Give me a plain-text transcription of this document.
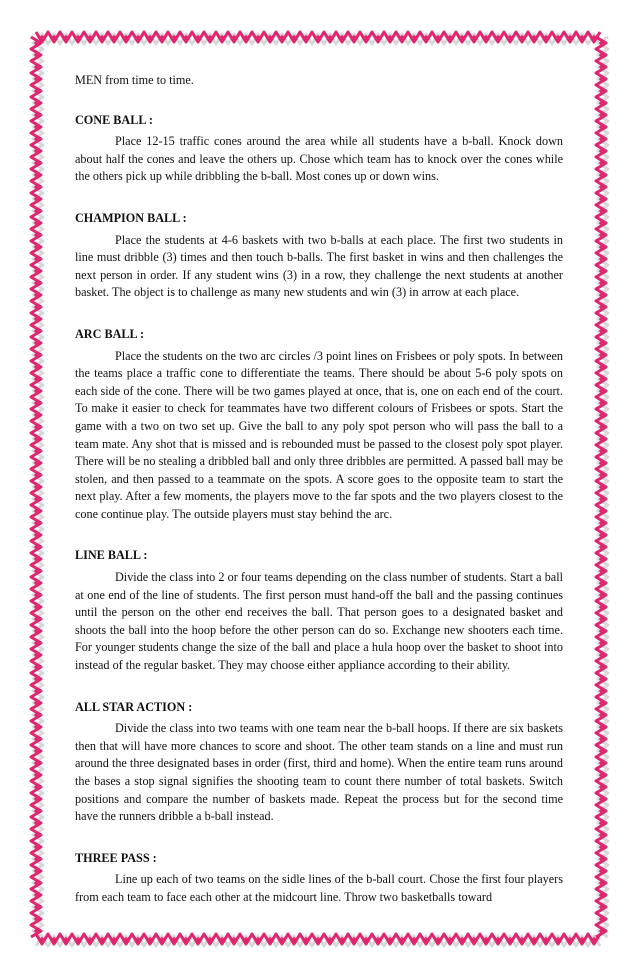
MEN from time to time.

CONE BALL :

Place 12-15 traffic cones around the area while all students have a b-ball. Knock down about half the cones and leave the others up. Chose which team has to knock over the cones while the others pick up while dribbling the b-ball. Most cones up or down wins.

CHAMPION BALL :

Place the students at 4-6 baskets with two b-balls at each place. The first two students in line must dribble (3) times and then touch b-balls. The first basket in wins and then challenges the next person in order. If any student wins (3) in a row, they challenge the next students at another basket. The object is to challenge as many new students and win (3) in arrow at each place.

ARC BALL :

Place the students on the two arc circles /3 point lines on Frisbees or poly spots. In between the teams place a traffic cone to differentiate the teams. There should be about 5-6 poly spots on each side of the cone. There will be two games played at once, that is, one on each end of the court. To make it easier to check for teammates have two different colours of Frisbees or spots. Start the game with a two on two set up. Give the ball to any poly spot person who will pass the ball to a team mate. Any shot that is missed and is rebounded must be passed to the closest poly spot player. There will be no stealing a dribbled ball and only three dribbles are permitted. A passed ball may be stolen, and then passed to a teammate on the spots. A score goes to the opposite team to start the next play. After a few moments, the players move to the far spots and the two players closest to the cone continue play. The outside players must stay behind the arc.

LINE BALL :

Divide the class into 2 or four teams depending on the class number of students. Start a ball at one end of the line of students. The first person must hand-off the ball and the passing continues until the person on the other end receives the ball. That person goes to a designated basket and shoots the ball into the hoop before the other person can do so. Exchange new shooters each time. For younger students change the size of the ball and place a hula hoop over the basket to shoot into instead of the regular basket. They may choose either appliance according to their ability.

ALL STAR ACTION :

Divide the class into two teams with one team near the b-ball hoops. If there are six baskets then that will have more chances to score and shoot. The other team stands on a line and must run around the three designated bases in order (first, third and home). When the entire team runs around the bases a stop signal signifies the shooting team to count there number of total baskets. Switch positions and compare the number of baskets made. Repeat the process but for the second time have the runners dribble a b-ball instead.

THREE PASS :

Line up each of two teams on the sidle lines of the b-ball court. Chose the first four players from each team to face each other at the midcourt line. Throw two basketballs toward
